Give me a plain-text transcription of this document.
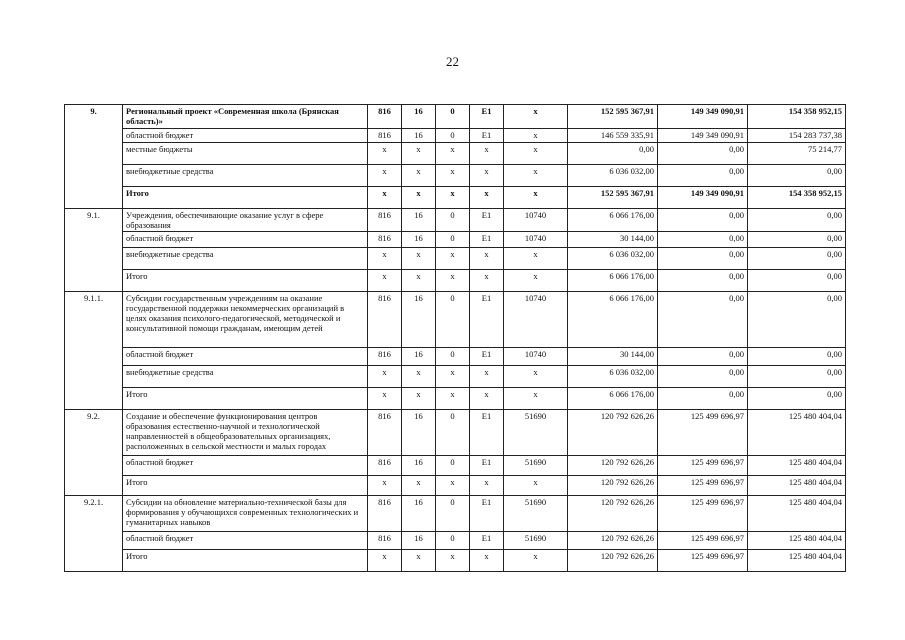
22
9.	Региональный проект «Современная школа (Брянская область)»	816	16	0	E1	x	152 595 367,91	149 349 090,91	154 358 952,15
	областной бюджет	816	16	0	E1	x	146 559 335,91	149 349 090,91	154 283 737,38
	местные бюджеты	x	x	x	x	x	0,00	0,00	75 214,77
	внебюджетные средства	x	x	x	x	x	6 036 032,00	0,00	0,00
	Итого	x	x	x	x	x	152 595 367,91	149 349 090,91	154 358 952,15
9.1.	Учреждения, обеспечивающие оказание услуг в сфере образования	816	16	0	E1	10740	6 066 176,00	0,00	0,00
	областной бюджет	816	16	0	E1	10740	30 144,00	0,00	0,00
	внебюджетные средства	x	x	x	x	x	6 036 032,00	0,00	0,00
	Итого	x	x	x	x	x	6 066 176,00	0,00	0,00
9.1.1.	Субсидии государственным учреждениям на оказание государственной поддержки некоммерческих организаций в целях оказания психолого-педагогической, методической и консультативной помощи гражданам, имеющим детей	816	16	0	E1	10740	6 066 176,00	0,00	0,00
	областной бюджет	816	16	0	E1	10740	30 144,00	0,00	0,00
	внебюджетные средства	x	x	x	x	x	6 036 032,00	0,00	0,00
	Итого	x	x	x	x	x	6 066 176,00	0,00	0,00
9.2.	Создание и обеспечение функционирования центров образования естественно-научной и технологической направленностей в общеобразовательных организациях, расположенных в сельской местности и малых городах	816	16	0	E1	51690	120 792 626,26	125 499 696,97	125 480 404,04
	областной бюджет	816	16	0	E1	51690	120 792 626,26	125 499 696,97	125 480 404,04
	Итого	x	x	x	x	x	120 792 626,26	125 499 696,97	125 480 404,04
9.2.1.	Субсидии на обновление материально-технической базы для формирования у обучающихся современных технологических и гуманитарных навыков	816	16	0	E1	51690	120 792 626,26	125 499 696,97	125 480 404,04
	областной бюджет	816	16	0	E1	51690	120 792 626,26	125 499 696,97	125 480 404,04
	Итого	x	x	x	x	x	120 792 626,26	125 499 696,97	125 480 404,04
